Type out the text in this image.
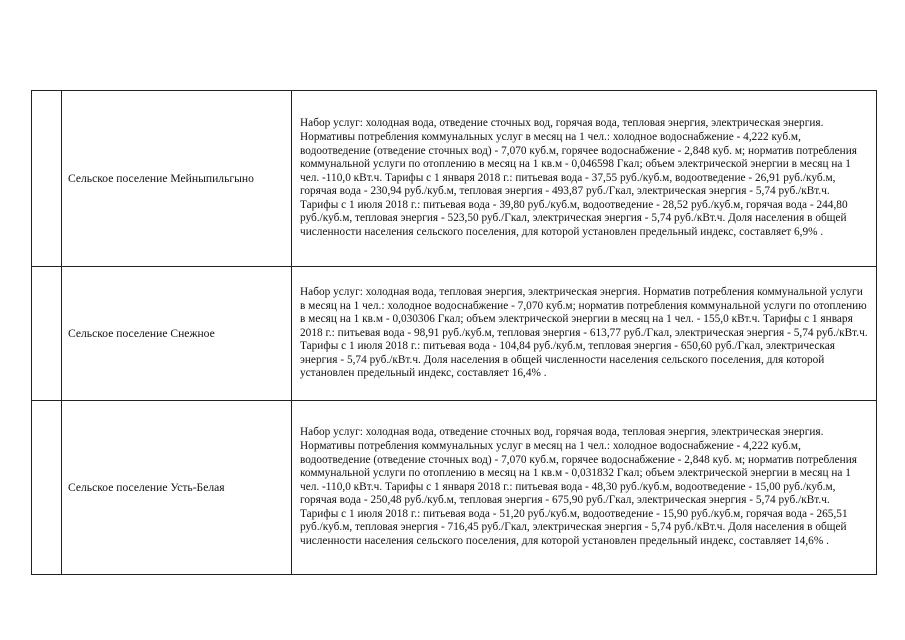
	Сельское поселение Мейныпильгыно	Набор услуг: холодная вода, отведение сточных вод, горячая вода, тепловая энергия, электрическая энергия. Нормативы потребления коммунальных услуг в месяц на 1 чел.: холодное водоснабжение - 4,222 куб.м, водоотведение (отведение сточных вод) - 7,070 куб.м, горячее водоснабжение - 2,848 куб. м; норматив потребления коммунальной услуги по отоплению в месяц на 1 кв.м - 0,046598 Гкал; объем электрической энергии в месяц на 1 чел. -110,0 кВт.ч. Тарифы с 1 января 2018 г.: питьевая вода - 37,55 руб./куб.м, водоотведение - 26,91 руб./куб.м, горячая вода - 230,94 руб./куб.м, тепловая энергия - 493,87 руб./Гкал, электрическая энергия - 5,74 руб./кВт.ч. Тарифы с 1 июля 2018 г.: питьевая вода - 39,80 руб./куб.м, водоотведение - 28,52 руб./куб.м, горячая вода - 244,80 руб./куб.м, тепловая энергия - 523,50 руб./Гкал, электрическая энергия - 5,74 руб./кВт.ч. Доля населения в общей численности населения сельского поселения, для которой установлен предельный индекс, составляет 6,9% .

	Сельское поселение Снежное	Набор услуг: холодная вода, тепловая энергия, электрическая энергия. Норматив потребления коммунальной услуги в месяц на 1 чел.: холодное водоснабжение - 7,070 куб.м; норматив потребления коммунальной услуги по отоплению в месяц на 1 кв.м - 0,030306 Гкал; объем электрической энергии в месяц на 1 чел. - 155,0 кВт.ч. Тарифы с 1 января 2018 г.: питьевая вода - 98,91 руб./куб.м, тепловая энергия - 613,77 руб./Гкал, электрическая энергия - 5,74 руб./кВт.ч. Тарифы с 1 июля 2018 г.: питьевая вода - 104,84 руб./куб.м, тепловая энергия - 650,60 руб./Гкал, электрическая энергия - 5,74 руб./кВт.ч. Доля населения в общей численности населения сельского поселения, для которой установлен предельный индекс, составляет 16,4% .

	Сельское поселение Усть-Белая	Набор услуг: холодная вода, отведение сточных вод, горячая вода, тепловая энергия, электрическая энергия. Нормативы потребления коммунальных услуг в месяц на 1 чел.: холодное водоснабжение - 4,222 куб.м, водоотведение (отведение сточных вод) - 7,070 куб.м, горячее водоснабжение - 2,848 куб. м; норматив потребления коммунальной услуги по отоплению в месяц на 1 кв.м - 0,031832 Гкал; объем электрической энергии в месяц на 1 чел. -110,0 кВт.ч. Тарифы с 1 января 2018 г.: питьевая вода - 48,30 руб./куб.м, водоотведение - 15,00 руб./куб.м, горячая вода - 250,48 руб./куб.м, тепловая энергия - 675,90 руб./Гкал, электрическая энергия - 5,74 руб./кВт.ч. Тарифы с 1 июля 2018 г.: питьевая вода - 51,20 руб./куб.м, водоотведение - 15,90 руб./куб.м, горячая вода - 265,51 руб./куб.м, тепловая энергия - 716,45 руб./Гкал, электрическая энергия - 5,74 руб./кВт.ч. Доля населения в общей численности населения сельского поселения, для которой установлен предельный индекс, составляет 14,6% .
